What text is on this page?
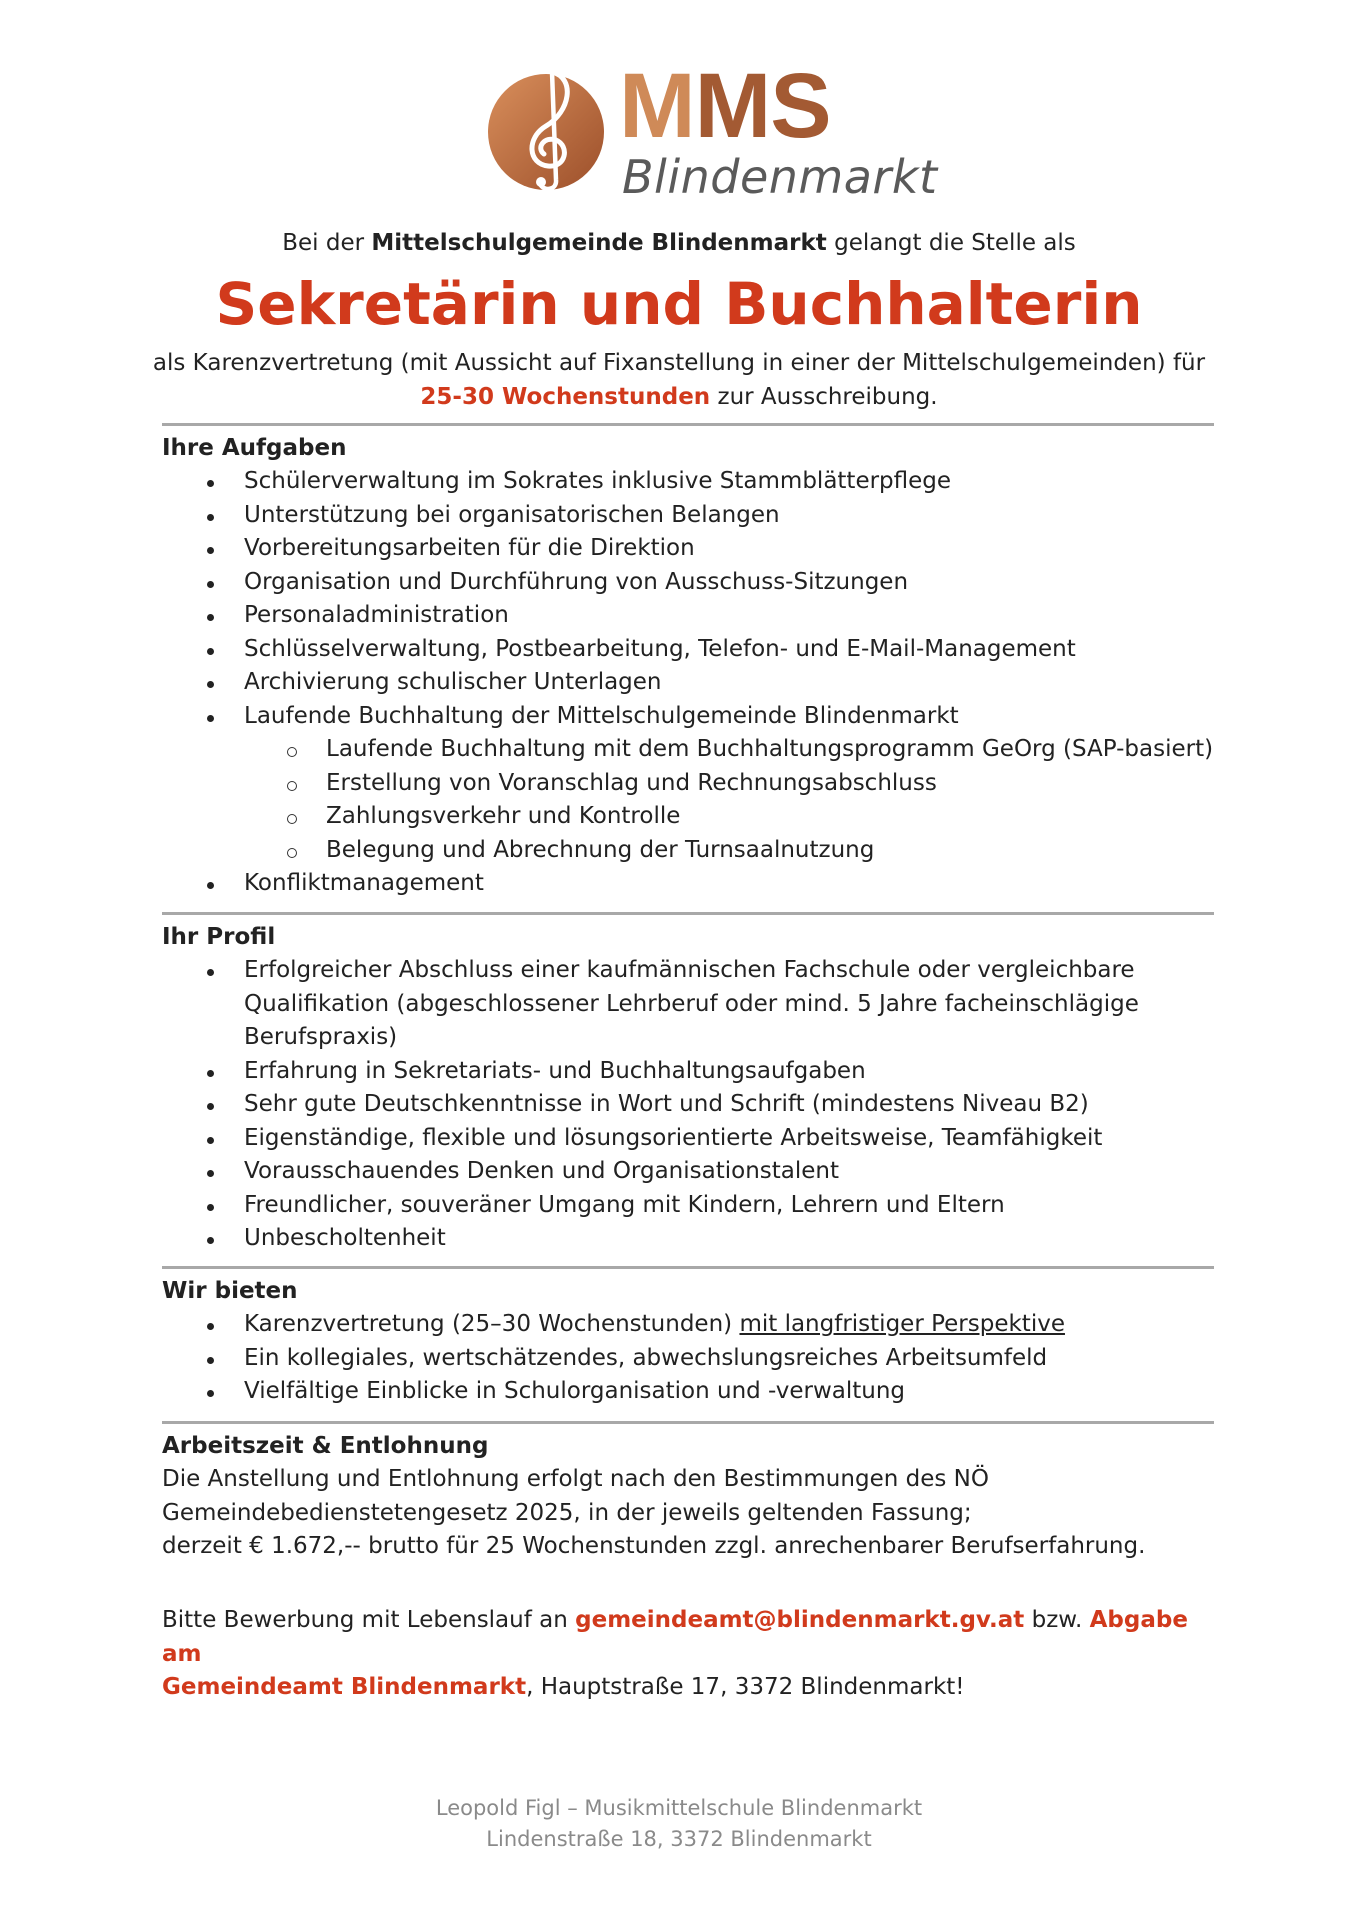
MMS
Blindenmarkt
Bei der Mittelschulgemeinde Blindenmarkt gelangt die Stelle als
Sekretärin und Buchhalterin
als Karenzvertretung (mit Aussicht auf Fixanstellung in einer der Mittelschulgemeinden) für
25-30 Wochenstunden zur Ausschreibung.
Ihre Aufgaben
Schülerverwaltung im Sokrates inklusive Stammblätterpflege
Unterstützung bei organisatorischen Belangen
Vorbereitungsarbeiten für die Direktion
Organisation und Durchführung von Ausschuss-Sitzungen
Personaladministration
Schlüsselverwaltung, Postbearbeitung, Telefon- und E-Mail-Management
Archivierung schulischer Unterlagen
Laufende Buchhaltung der Mittelschulgemeinde Blindenmarkt
Laufende Buchhaltung mit dem Buchhaltungsprogramm GeOrg (SAP-basiert)
Erstellung von Voranschlag und Rechnungsabschluss
Zahlungsverkehr und Kontrolle
Belegung und Abrechnung der Turnsaalnutzung
Konfliktmanagement
Ihr Profil
Erfolgreicher Abschluss einer kaufmännischen Fachschule oder vergleichbare
Qualifikation (abgeschlossener Lehrberuf oder mind. 5 Jahre facheinschlägige
Berufspraxis)
Erfahrung in Sekretariats- und Buchhaltungsaufgaben
Sehr gute Deutschkenntnisse in Wort und Schrift (mindestens Niveau B2)
Eigenständige, flexible und lösungsorientierte Arbeitsweise, Teamfähigkeit
Vorausschauendes Denken und Organisationstalent
Freundlicher, souveräner Umgang mit Kindern, Lehrern und Eltern
Unbescholtenheit
Wir bieten
Karenzvertretung (25–30 Wochenstunden) mit langfristiger Perspektive
Ein kollegiales, wertschätzendes, abwechslungsreiches Arbeitsumfeld
Vielfältige Einblicke in Schulorganisation und -verwaltung
Arbeitszeit & Entlohnung
Die Anstellung und Entlohnung erfolgt nach den Bestimmungen des NÖ
Gemeindebedienstetengesetz 2025, in der jeweils geltenden Fassung;
derzeit € 1.672,-- brutto für 25 Wochenstunden zzgl. anrechenbarer Berufserfahrung.
Bitte Bewerbung mit Lebenslauf an gemeindeamt@blindenmarkt.gv.at bzw. Abgabe am
Gemeindeamt Blindenmarkt, Hauptstraße 17, 3372 Blindenmarkt!
Leopold Figl – Musikmittelschule Blindenmarkt
Lindenstraße 18, 3372 Blindenmarkt
